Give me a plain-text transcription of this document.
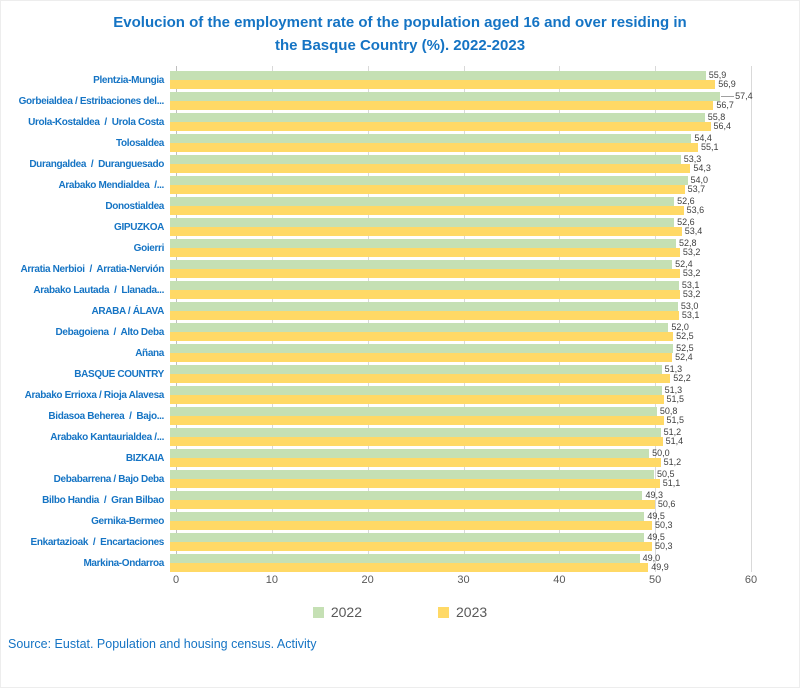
Evolucion of the employment rate of the population aged 16 and over residing in
the Basque Country (%). 2022-2023
Plentzia-Mungia	55,9
56,9
Gorbeialdea / Estribaciones del...	57,4
56,7
Urola-Kostaldea  /  Urola Costa	55,8
56,4
Tolosaldea	54,4
55,1
Durangaldea  /  Duranguesado	53,3
54,3
Arabako Mendialdea  /...	54,0
53,7
Donostialdea	52,6
53,6
GIPUZKOA	52,6
53,4
Goierri	52,8
53,2
Arratia Nerbioi  /  Arratia-Nervión	52,4
53,2
Arabako Lautada  /  Llanada...	53,1
53,2
ARABA / ÁLAVA	53,0
53,1
Debagoiena  /  Alto Deba	52,0
52,5
Añana	52,5
52,4
BASQUE COUNTRY	51,3
52,2
Arabako Errioxa / Rioja Alavesa	51,3
51,5
Bidasoa Beherea  /  Bajo...	50,8
51,5
Arabako Kantaurialdea /...	51,2
51,4
BIZKAIA	50,0
51,2
Debabarrena / Bajo Deba	50,5
51,1
Bilbo Handia  /  Gran Bilbao	49,3
50,6
Gernika-Bermeo	49,5
50,3
Enkartazioak  /  Encartaciones	49,5
50,3
Markina-Ondarroa	49,0
49,9
0	10	20	30	40	50	60
2022	2023
Source: Eustat. Population and housing census. Activity
